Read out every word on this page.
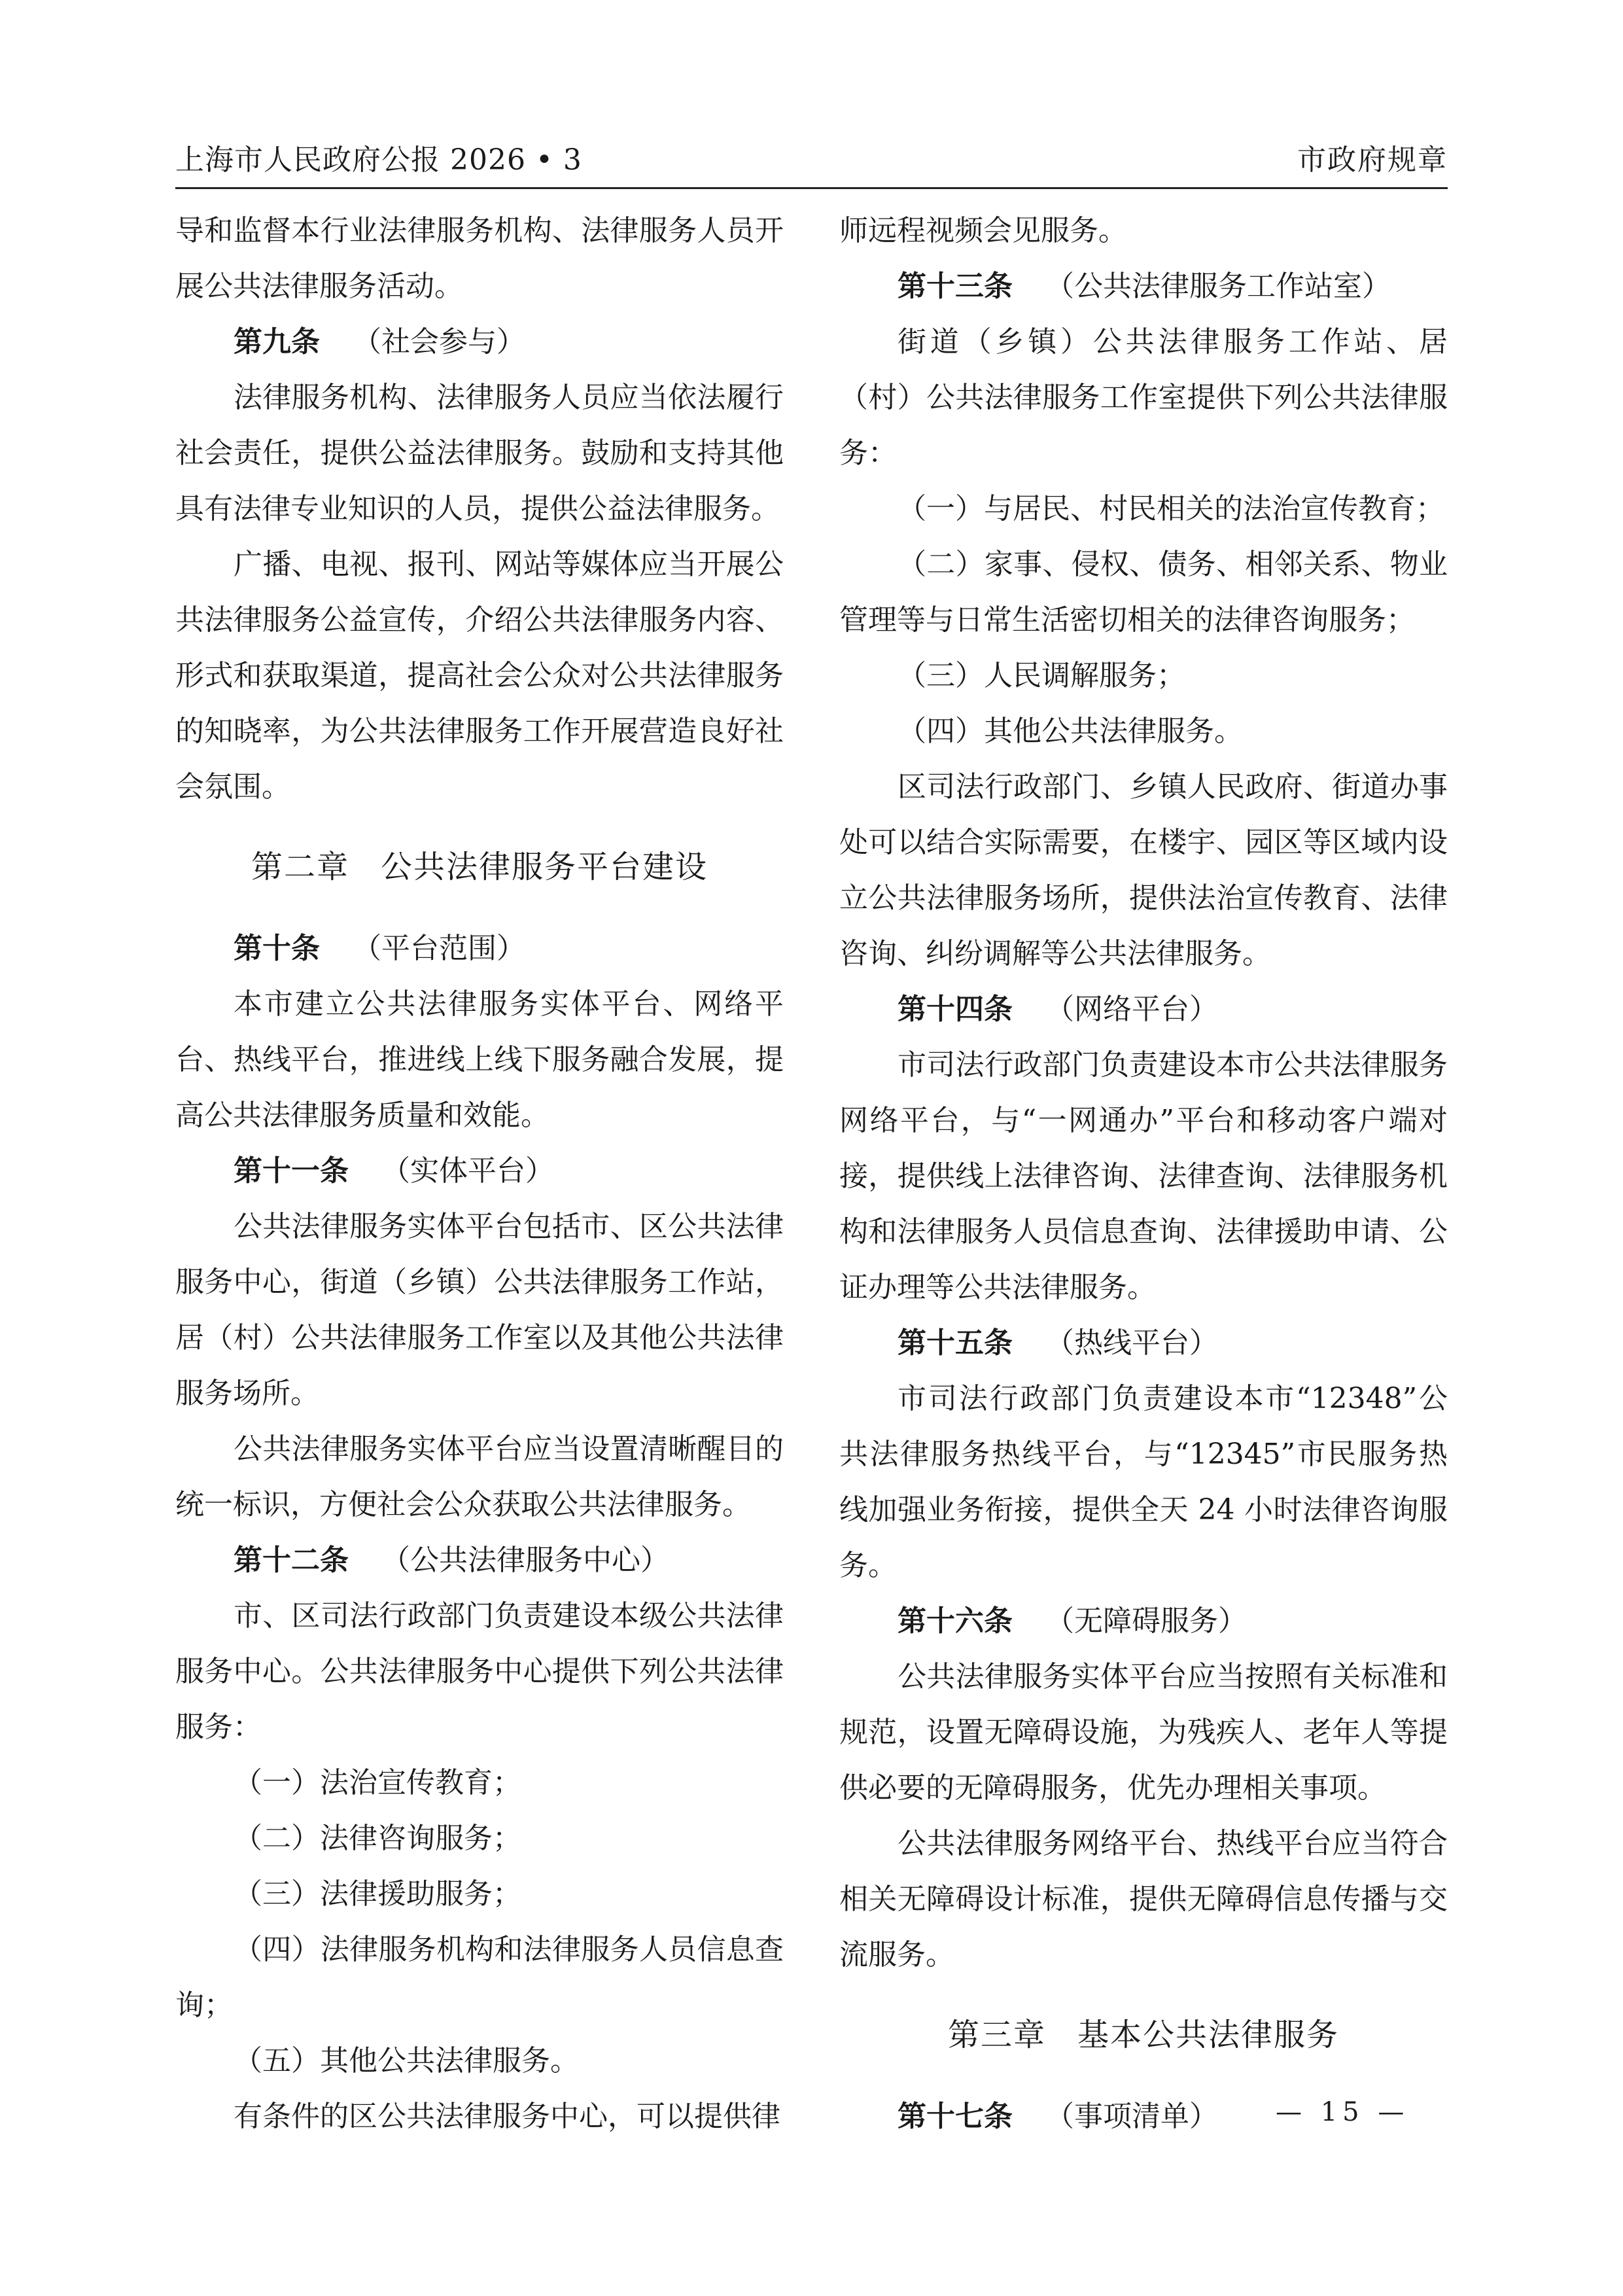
上海市人民政府公报 2026 • 3	市政府规章

导和监督本行业法律服务机构、法律服务人员开展公共法律服务活动。

第九条 （社会参与）

法律服务机构、法律服务人员应当依法履行社会责任，提供公益法律服务。鼓励和支持其他具有法律专业知识的人员，提供公益法律服务。

广播、电视、报刊、网站等媒体应当开展公共法律服务公益宣传，介绍公共法律服务内容、形式和获取渠道，提高社会公众对公共法律服务的知晓率，为公共法律服务工作开展营造良好社会氛围。

第二章 公共法律服务平台建设

第十条 （平台范围）

本市建立公共法律服务实体平台、网络平台、热线平台，推进线上线下服务融合发展，提高公共法律服务质量和效能。

第十一条 （实体平台）

公共法律服务实体平台包括市、区公共法律服务中心，街道（乡镇）公共法律服务工作站，居（村）公共法律服务工作室以及其他公共法律服务场所。

公共法律服务实体平台应当设置清晰醒目的统一标识，方便社会公众获取公共法律服务。

第十二条 （公共法律服务中心）

市、区司法行政部门负责建设本级公共法律服务中心。公共法律服务中心提供下列公共法律服务：

（一）法治宣传教育；

（二）法律咨询服务；

（三）法律援助服务；

（四）法律服务机构和法律服务人员信息查询；

（五）其他公共法律服务。

有条件的区公共法律服务中心，可以提供律

师远程视频会见服务。

第十三条 （公共法律服务工作站室）

街道（乡镇）公共法律服务工作站、居（村）公共法律服务工作室提供下列公共法律服务：

（一）与居民、村民相关的法治宣传教育；

（二）家事、侵权、债务、相邻关系、物业管理等与日常生活密切相关的法律咨询服务；

（三）人民调解服务；

（四）其他公共法律服务。

区司法行政部门、乡镇人民政府、街道办事处可以结合实际需要，在楼宇、园区等区域内设立公共法律服务场所，提供法治宣传教育、法律咨询、纠纷调解等公共法律服务。

第十四条 （网络平台）

市司法行政部门负责建设本市公共法律服务网络平台，与“一网通办”平台和移动客户端对接，提供线上法律咨询、法律查询、法律服务机构和法律服务人员信息查询、法律援助申请、公证办理等公共法律服务。

第十五条 （热线平台）

市司法行政部门负责建设本市“12348”公共法律服务热线平台，与“12345”市民服务热线加强业务衔接，提供全天 24 小时法律咨询服务。

第十六条 （无障碍服务）

公共法律服务实体平台应当按照有关标准和规范，设置无障碍设施，为残疾人、老年人等提供必要的无障碍服务，优先办理相关事项。

公共法律服务网络平台、热线平台应当符合相关无障碍设计标准，提供无障碍信息传播与交流服务。

第三章 基本公共法律服务

第十七条 （事项清单）	— 15 —
